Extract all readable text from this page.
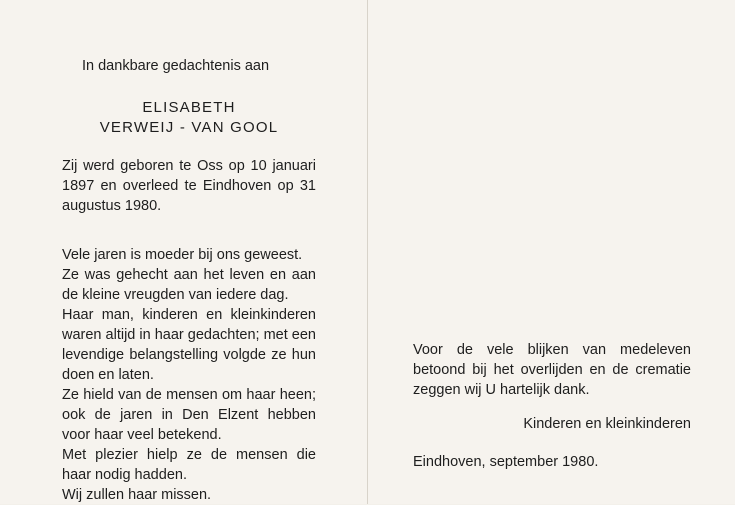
In dankbare gedachtenis aan

ELISABETH
VERWEIJ - VAN GOOL

Zij werd geboren te Oss op 10 januari 1897 en overleed te Eindhoven op 31 augustus 1980.

Vele jaren is moeder bij ons geweest.

Ze was gehecht aan het leven en aan de kleine vreugden van iedere dag.

Haar man, kinderen en kleinkinderen waren altijd in haar gedachten; met een levendige belangstelling volgde ze hun doen en laten.

Ze hield van de mensen om haar heen; ook de jaren in Den Elzent hebben voor haar veel betekend.

Met plezier hielp ze de mensen die haar nodig hadden.

Wij zullen haar missen.

Voor de vele blijken van medeleven betoond bij het overlijden en de crematie zeggen wij U hartelijk dank.

Kinderen en kleinkinderen

Eindhoven, september 1980.
